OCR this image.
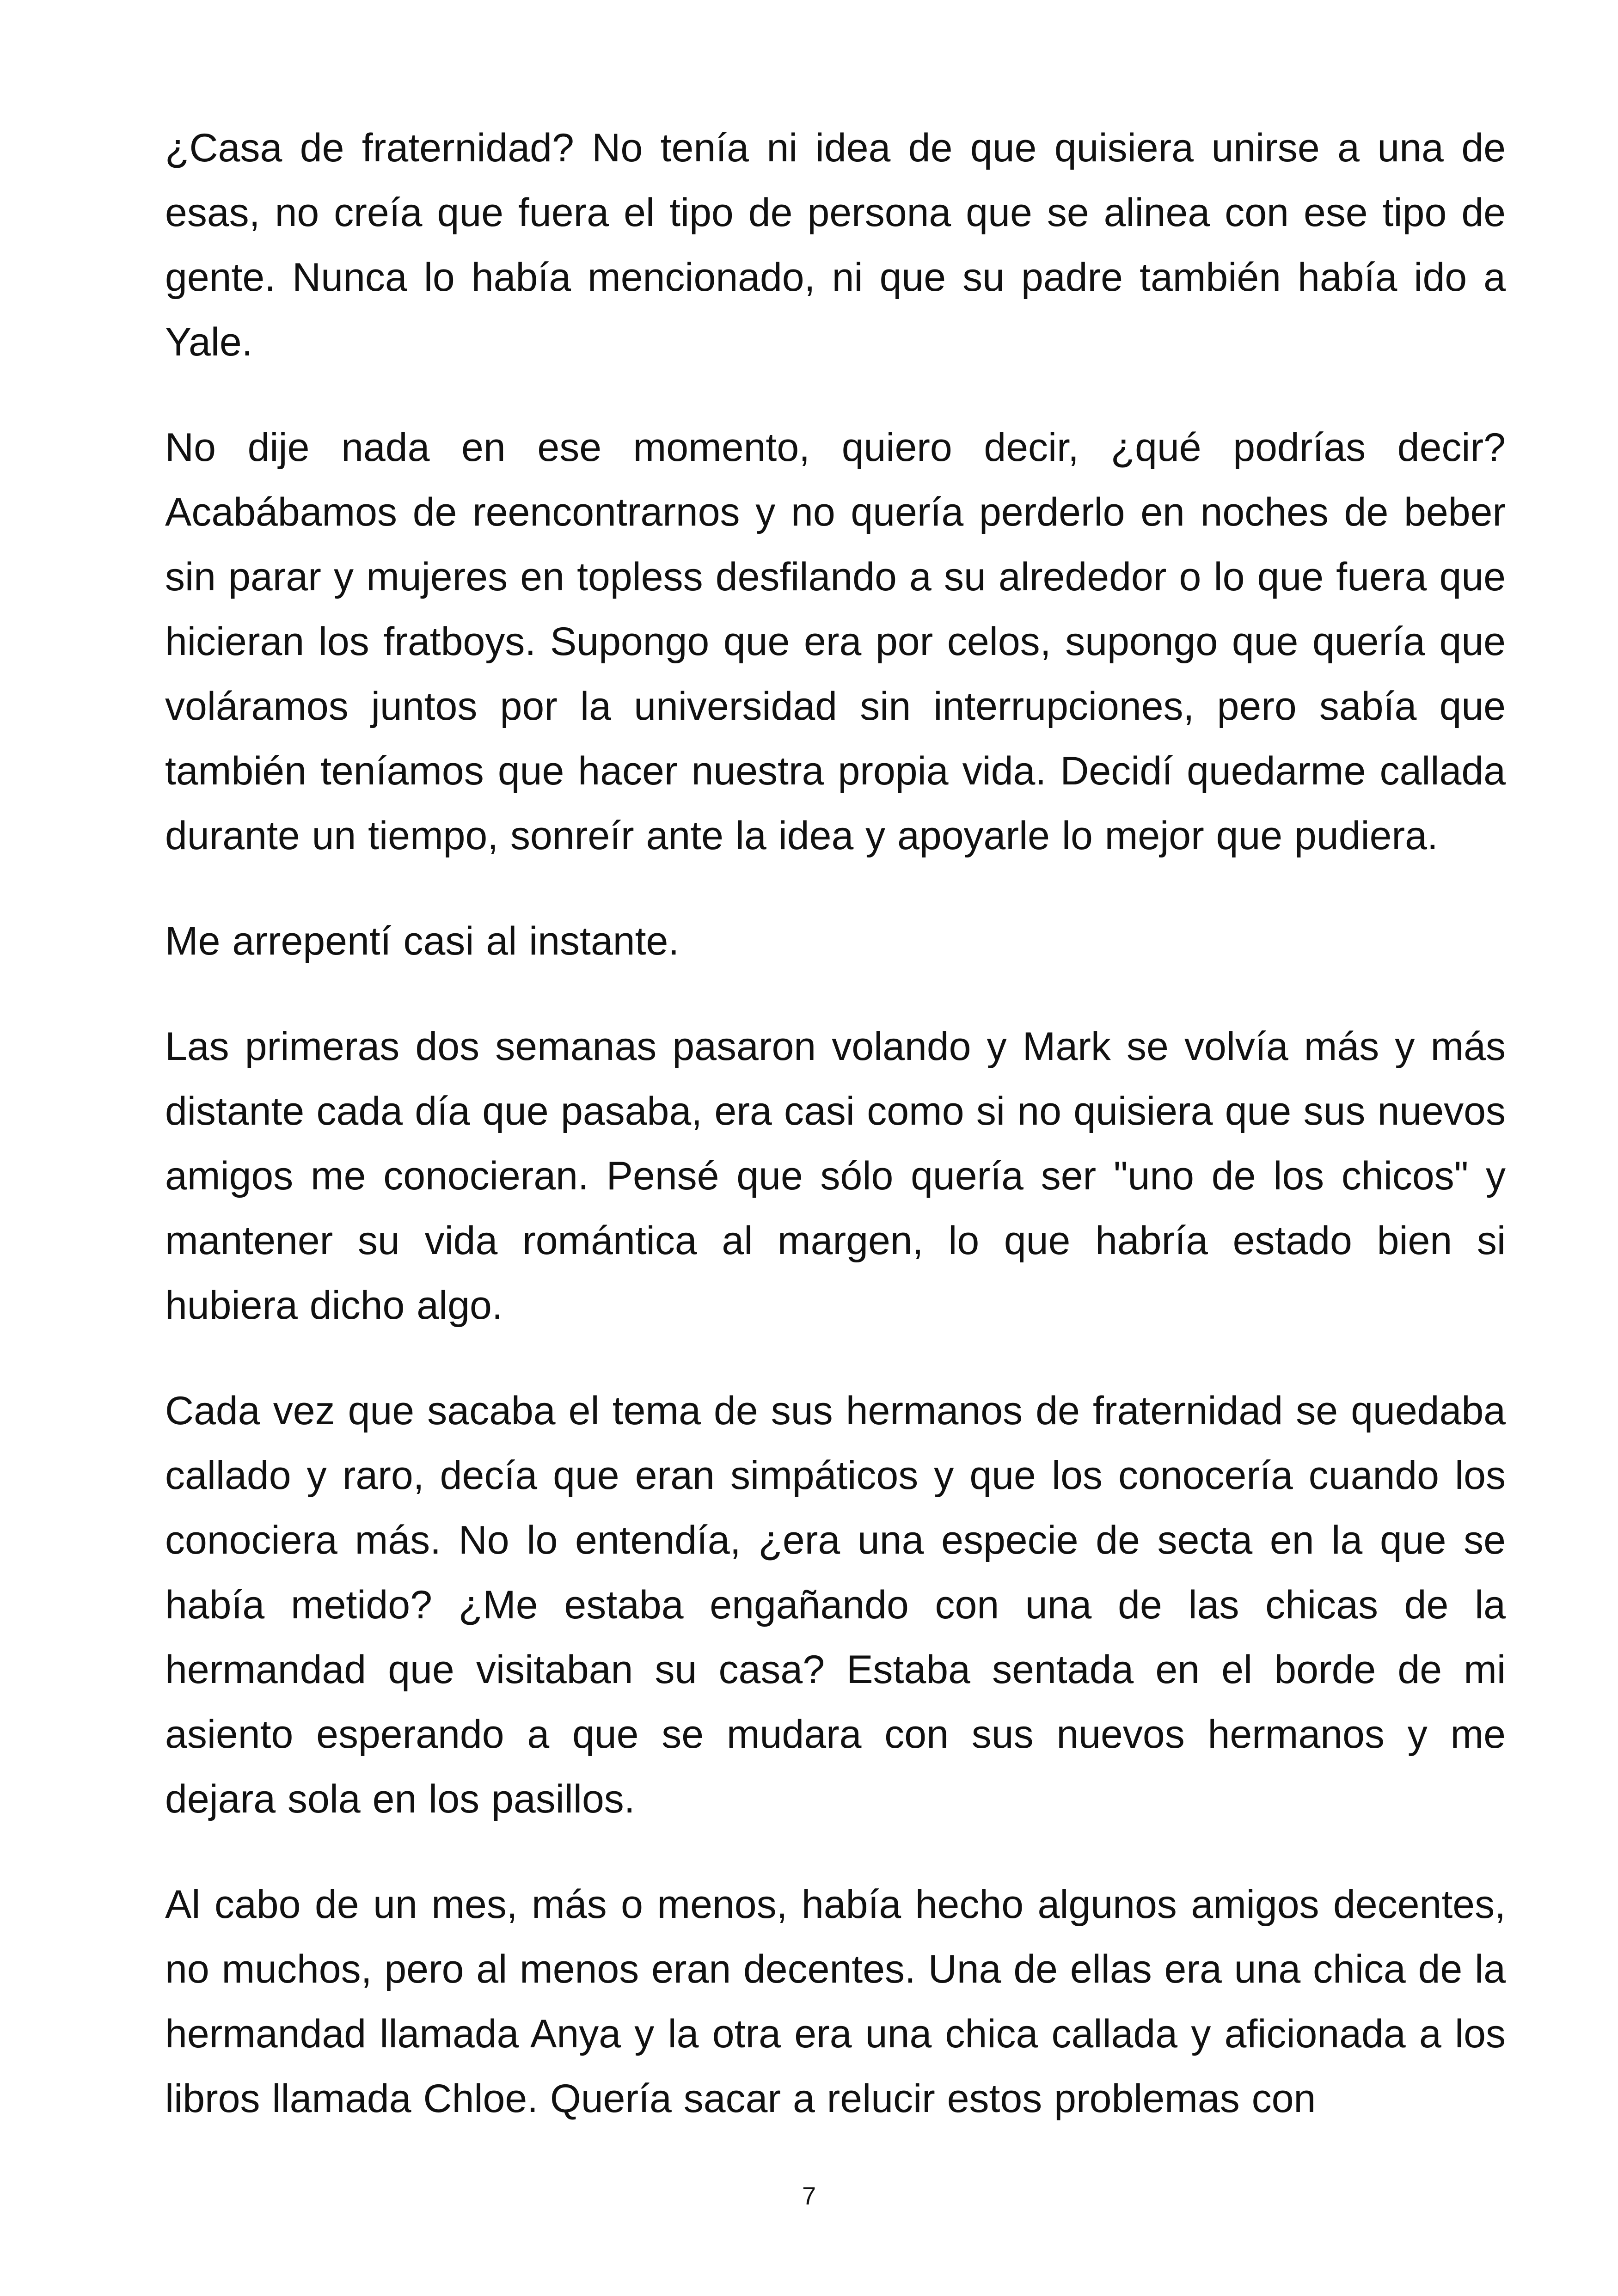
¿Casa de fraternidad? No tenía ni idea de que quisiera unirse a una de esas, no creía que fuera el tipo de persona que se alinea con ese tipo de gente. Nunca lo había mencionado, ni que su padre también había ido a Yale.

No dije nada en ese momento, quiero decir, ¿qué podrías decir? Acabábamos de reencontrarnos y no quería perderlo en noches de beber sin parar y mujeres en topless desfilando a su alrededor o lo que fuera que hicieran los fratboys. Supongo que era por celos, supongo que quería que voláramos juntos por la universidad sin interrupciones, pero sabía que también teníamos que hacer nuestra propia vida. Decidí quedarme callada durante un tiempo, sonreír ante la idea y apoyarle lo mejor que pudiera.

Me arrepentí casi al instante.

Las primeras dos semanas pasaron volando y Mark se volvía más y más distante cada día que pasaba, era casi como si no quisiera que sus nuevos amigos me conocieran. Pensé que sólo quería ser "uno de los chicos" y mantener su vida romántica al margen, lo que habría estado bien si hubiera dicho algo.

Cada vez que sacaba el tema de sus hermanos de fraternidad se quedaba callado y raro, decía que eran simpáticos y que los conocería cuando los conociera más. No lo entendía, ¿era una especie de secta en la que se había metido? ¿Me estaba engañando con una de las chicas de la hermandad que visitaban su casa? Estaba sentada en el borde de mi asiento esperando a que se mudara con sus nuevos hermanos y me dejara sola en los pasillos.

Al cabo de un mes, más o menos, había hecho algunos amigos decentes, no muchos, pero al menos eran decentes. Una de ellas era una chica de la hermandad llamada Anya y la otra era una chica callada y aficionada a los libros llamada Chloe. Quería sacar a relucir estos problemas con

7
